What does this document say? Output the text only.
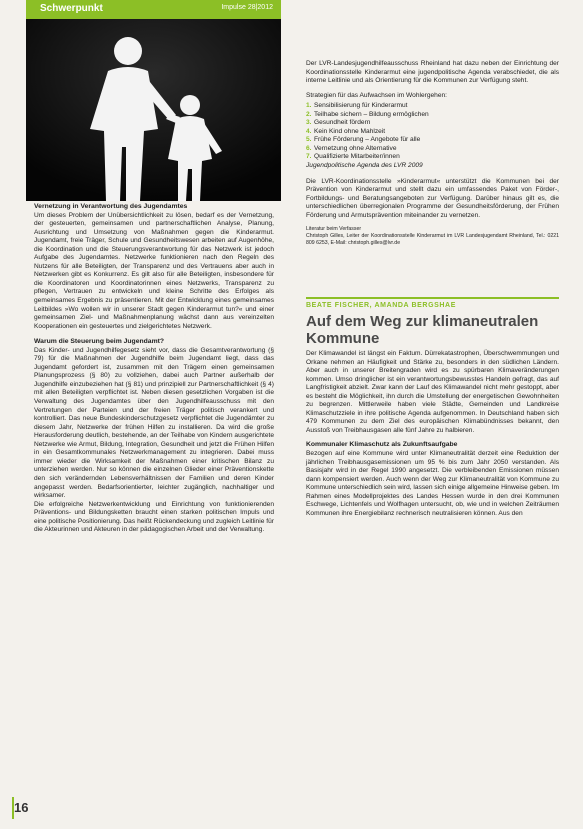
Schwerpunkt	Impulse 28|2012

Vernetzung in Verantwortung des Jugendamtes

Um dieses Problem der Unübersichtlichkeit zu lösen, bedarf es der Vernetzung, der gesteuerten, gemeinsamen und partnerschaftlichen Analyse, Planung, Ausrichtung und Umsetzung von Maßnahmen gegen die Kinderarmut. Jugendamt, freie Träger, Schule und Gesundheitswesen arbeiten auf Augenhöhe, die Koordination und die Steuerungsverantwortung für das Netzwerk ist jedoch Aufgabe des Jugendamtes. Netzwerke funktionieren nach den Regeln des Nutzens für alle Beteiligten, der Transparenz und des Vertrauens aber auch in Netzwerken gibt es Konkurrenz. Es gilt also für alle Beteiligten, insbesondere für die Koordinatoren und Koordinatorinnen eines Netzwerks, Transparenz zu pflegen, Vertrauen zu entwickeln und kleine Schritte des Erfolges als gemeinsames Ergebnis zu präsentieren. Mit der Entwicklung eines gemeinsames Leitbildes »Wo wollen wir in unserer Stadt gegen Kinderarmut tun?« und einer gemeinsamen Ziel- und Maßnahmenplanung wächst dann aus vereinzelten Kooperationen ein gesteuertes und zielgerichtetes Netzwerk.

Warum die Steuerung beim Jugendamt?

Das Kinder- und Jugendhilfegesetz sieht vor, dass die Gesamtverantwortung (§ 79) für die Maßnahmen der Jugendhilfe beim Jugendamt liegt, dass das Jugendamt gefordert ist, zusammen mit den Trägern einen gemeinsamen Planungsprozess (§ 80) zu vollziehen, dabei auch Partner außerhalb der Jugendhilfe einzubeziehen hat (§ 81) und prinzipiell zur Partnerschaftlichkeit (§ 4) mit allen Beteiligten verpflichtet ist. Neben diesen gesetzlichen Vorgaben ist die Verwaltung des Jugendamtes über den Jugendhilfeausschuss mit den Vertretungen der Parteien und der freien Träger politisch verankert und kontrolliert. Das neue Bundeskinderschutzgesetz verpflichtet die Jugendämter zu diesem Jahr, Netzwerke der frühen Hilfen zu installieren. Da wird die große Herausforderung deutlich, bestehende, an der Teilhabe von Kindern ausgerichtete Netzwerke wie Armut, Bildung, Integration, Gesundheit und jetzt die Frühen Hilfen in ein Gesamtkommunales Netzwerkmanagement zu integrieren. Dabei muss immer wieder die Wirksamkeit der Maßnahmen einer kritischen Bilanz zu unterziehen werden. Nur so können die einzelnen Glieder einer Präventionskette den sich verändernden Lebensverhältnissen der Familien und deren Kinder angepasst werden. Bedarfsorientierter, leichter zugänglich, nachhaltiger und wirksamer.

Die erfolgreiche Netzwerkentwicklung und Einrichtung von funktionierenden Präventions- und Bildungsketten braucht einen starken politischen Impuls und eine politische Positionierung. Das heißt Rückendeckung und zugleich Leitlinie für die Akteurinnen und Akteuren in der pädagogischen Arbeit und der Verwaltung.

Der LVR-Landesjugendhilfeausschuss Rheinland hat dazu neben der Einrichtung der Koordinationsstelle Kinderarmut eine jugendpolitische Agenda verabschiedet, die als interne Leitlinie und als Orientierung für die Kommunen zur Verfügung steht.

Strategien für das Aufwachsen im Wohlergehen:

1. Sensibilisierung für Kinderarmut
2. Teilhabe sichern – Bildung ermöglichen
3. Gesundheit fördern
4. Kein Kind ohne Mahlzeit
5. Frühe Förderung – Angebote für alle
6. Vernetzung ohne Alternative
7. Qualifizierte Mitarbeiter/innen

Jugendpolitische Agenda des LVR 2009

Die LVR-Koordinationsstelle »Kinderarmut« unterstützt die Kommunen bei der Prävention von Kinderarmut und stellt dazu ein umfassendes Paket von Förder-, Fortbildungs- und Beratungsangeboten zur Verfügung. Darüber hinaus gilt es, die unterschiedlichen überregionalen Programme der Gesundheitsförderung, der Frühen Förderung und Armutsprävention miteinander zu vernetzen.

Literatur beim Verfasser

Christoph Gilles, Leiter der Koordinationsstelle Kinderarmut im LVR Landesjugendamt Rheinland, Tel.: 0221 809 6253, E-Mail: christoph.gilles@lvr.de

BEATE FISCHER, AMANDA BERGSHAE
Auf dem Weg zur klimaneutralen Kommune

Der Klimawandel ist längst ein Faktum. Dürrekatastrophen, Überschwemmungen und Orkane nehmen an Häufigkeit und Stärke zu, besonders in den südlichen Ländern. Aber auch in unserer Breitengraden wird es zu spürbaren Klimaveränderungen kommen. Umso dringlicher ist ein verantwortungsbewusstes Handeln gefragt, das auf Langfristigkeit abzielt. Zwar kann der Lauf des Klimawandel nicht mehr gestoppt, aber es besteht die Möglichkeit, ihn durch die Umstellung der energetischen Gewohnheiten zu begrenzen. Mittlerweile haben viele Städte, Gemeinden und Landkreise Klimaschutzziele in ihre politische Agenda aufgenommen. In Deutschland haben sich 479 Kommunen zu dem Ziel des europäischen Klimabündnisses bekannt, den Ausstoß von Treibhausgasen alle fünf Jahre zu halbieren.

Kommunaler Klimaschutz als Zukunftsaufgabe

Bezogen auf eine Kommune wird unter Klimaneutralität derzeit eine Reduktion der jährlichen Treibhausgasemissionen um 95 % bis zum Jahr 2050 verstanden. Als Basisjahr wird in der Regel 1990 angesetzt. Die verbleibenden Emissionen müssen dann kompensiert werden. Auch wenn der Weg zur Klimaneutralität von Kommune zu Kommune unterschiedlich sein wird, lassen sich einige allgemeine Hinweise geben. Im Rahmen eines Modellprojektes des Landes Hessen wurde in den drei Kommunen Eschwege, Lichtenfels und Wolfhagen untersucht, ob, wie und in welchen Zeiträumen Kommunen ihre Energiebilanz rechnerisch neutralisieren können. Aus den

16
